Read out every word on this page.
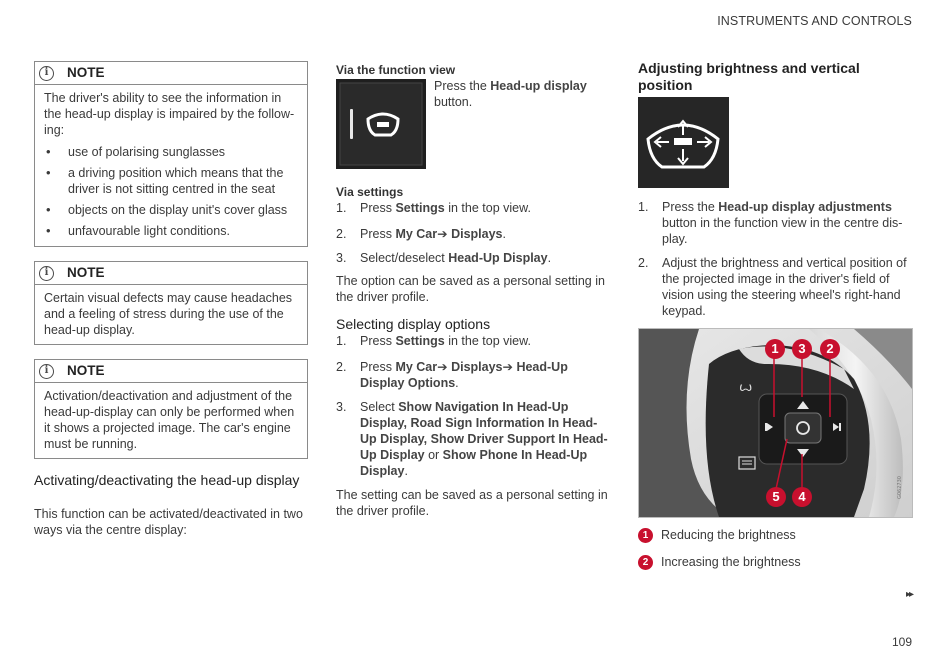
INSTRUMENTS AND CONTROLS
i	NOTE

The driver's ability to see the information in the head-up display is impaired by the follow-ing:

• use of polarising sunglasses
• a driving position which means that the driver is not sitting centred in the seat
• objects on the display unit's cover glass
• unfavourable light conditions.
i	NOTE

Certain visual defects may cause headaches and a feeling of stress during the use of the head-up display.

i	NOTE

Activation/deactivation and adjustment of the head-up-display can only be performed when it shows a projected image. The car's engine must be running.

Activating/deactivating the head-up display
This function can be activated/deactivated in two ways via the centre display:
Via the function view
Press the Head-up display
button.
Via settings
1. Press Settings in the top view.
2. Press My Car➔ Displays.
3. Select/deselect Head-Up Display.
The option can be saved as a personal setting in the driver profile.
Selecting display options
1. Press Settings in the top view.
2. Press My Car➔ Displays➔ Head-Up Display Options.
3. Select Show Navigation In Head-Up Display, Road Sign Information In Head-Up Display, Show Driver Support In Head-Up Display or Show Phone In Head-Up Display.
The setting can be saved as a personal setting in the driver profile.
Adjusting brightness and vertical position
1. Press the Head-up display adjustments button in the function view in the centre dis-play.
2. Adjust the brightness and vertical position of the projected image in the driver's field of vision using the steering wheel's right-hand keypad.
ꙍ
G062730
1	3	2
5	4
1	Reducing the brightness
2	Increasing the brightness
▸▸
109
